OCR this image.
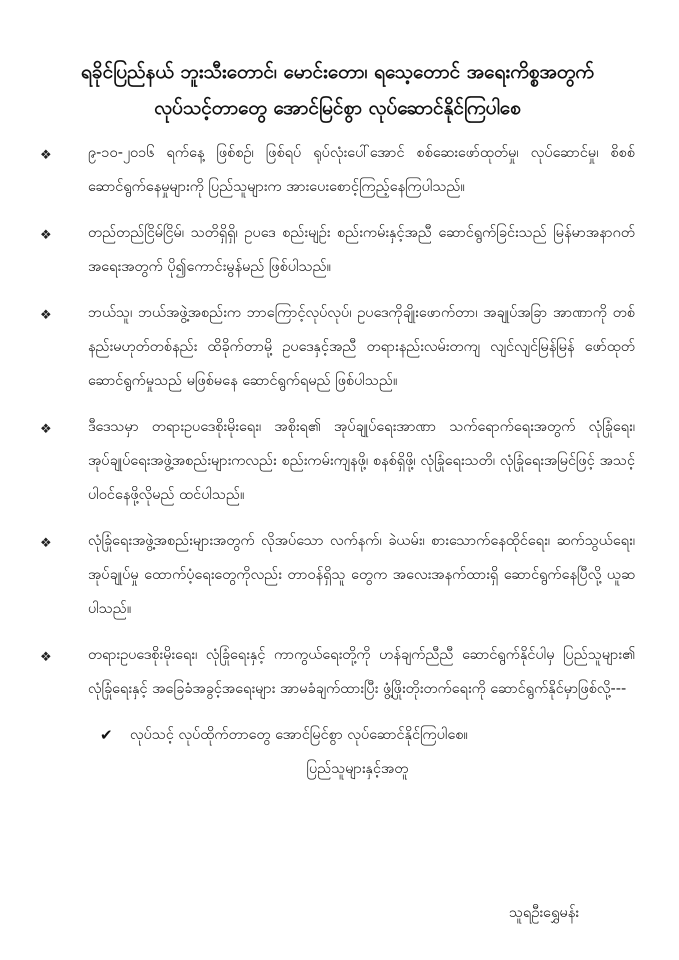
ရခိုင်ပြည်နယ် ဘူးသီးတောင်၊ မောင်းတော၊ ရသေ့တောင် အရေးကိစ္စအတွက်
လုပ်သင့်တာတွေ အောင်မြင်စွာ လုပ်ဆောင်နိုင်ကြပါစေ
❖	၉-၁၀-၂၀၁၆ ရက်နေ့ ဖြစ်စဉ်၊ ဖြစ်ရပ် ရုပ်လုံးပေါ်အောင် စစ်ဆေးဖော်ထုတ်မှု၊ လုပ်ဆောင်မှု၊ စိစစ်ဆောင်ရွက်နေမှုများကို ပြည်သူများက အားပေးစောင့်ကြည့်နေကြပါသည်။
❖	တည်တည်ငြိမ်ငြိမ်၊ သတိရှိရှိ၊ ဥပဒေ စည်းမျဉ်း စည်းကမ်းနှင့်အညီ ဆောင်ရွက်ခြင်းသည် မြန်မာအနာဂတ်အရေးအတွက် ပို၍ကောင်းမွန်မည် ဖြစ်ပါသည်။
❖	ဘယ်သူ၊ ဘယ်အဖွဲ့အစည်းက ဘာကြောင့်လုပ်လုပ်၊ ဥပဒေကိုချိုးဖောက်တာ၊ အချုပ်အခြာ အာဏာကို တစ်နည်းမဟုတ်တစ်နည်း ထိခိုက်တာမို့ ဥပဒေနှင့်အညီ တရားနည်းလမ်းတကျ လျင်လျင်မြန်မြန် ဖော်ထုတ်ဆောင်ရွက်မှုသည် မဖြစ်မနေ ဆောင်ရွက်ရမည် ဖြစ်ပါသည်။
❖	ဒီဒေသမှာ တရားဥပဒေစိုးမိုးရေး၊ အစိုးရ၏ အုပ်ချုပ်ရေးအာဏာ သက်ရောက်ရေးအတွက် လုံခြုံရေး၊ အုပ်ချုပ်ရေးအဖွဲ့အစည်းများကလည်း စည်းကမ်းကျနဖို့၊ စနစ်ရှိဖို့၊ လုံခြုံရေးသတိ၊ လုံခြုံရေးအမြင်ဖြင့် အသင့်ပါဝင်နေဖို့လိုမည် ထင်ပါသည်။
❖	လုံခြုံရေးအဖွဲ့အစည်းများအတွက် လိုအပ်သော လက်နက်၊ ခဲယမ်း၊ စားသောက်နေထိုင်ရေး၊ ဆက်သွယ်ရေး၊ အုပ်ချုပ်မှု ထောက်ပံ့ရေးတွေကိုလည်း တာဝန်ရှိသူ တွေက အလေးအနက်ထားရှိ ဆောင်ရွက်နေပြီလို့ ယူဆပါသည်။
❖	တရားဥပဒေစိုးမိုးရေး၊ လုံခြုံရေးနှင့် ကာကွယ်ရေးတို့ကို ဟန်ချက်ညီညီ ဆောင်ရွက်နိုင်ပါမှ ပြည်သူများ၏ လုံခြုံရေးနှင့် အခြေခံအခွင့်အရေးများ အာမခံချက်ထားပြီး ဖွံ့ဖြိုးတိုးတက်ရေးကို ဆောင်ရွက်နိုင်မှာဖြစ်လို့---
✔	လုပ်သင့် လုပ်ထိုက်တာတွေ အောင်မြင်စွာ လုပ်ဆောင်နိုင်ကြပါစေ။
ပြည်သူများနှင့်အတူ
သူရဦးရွှေမန်း
